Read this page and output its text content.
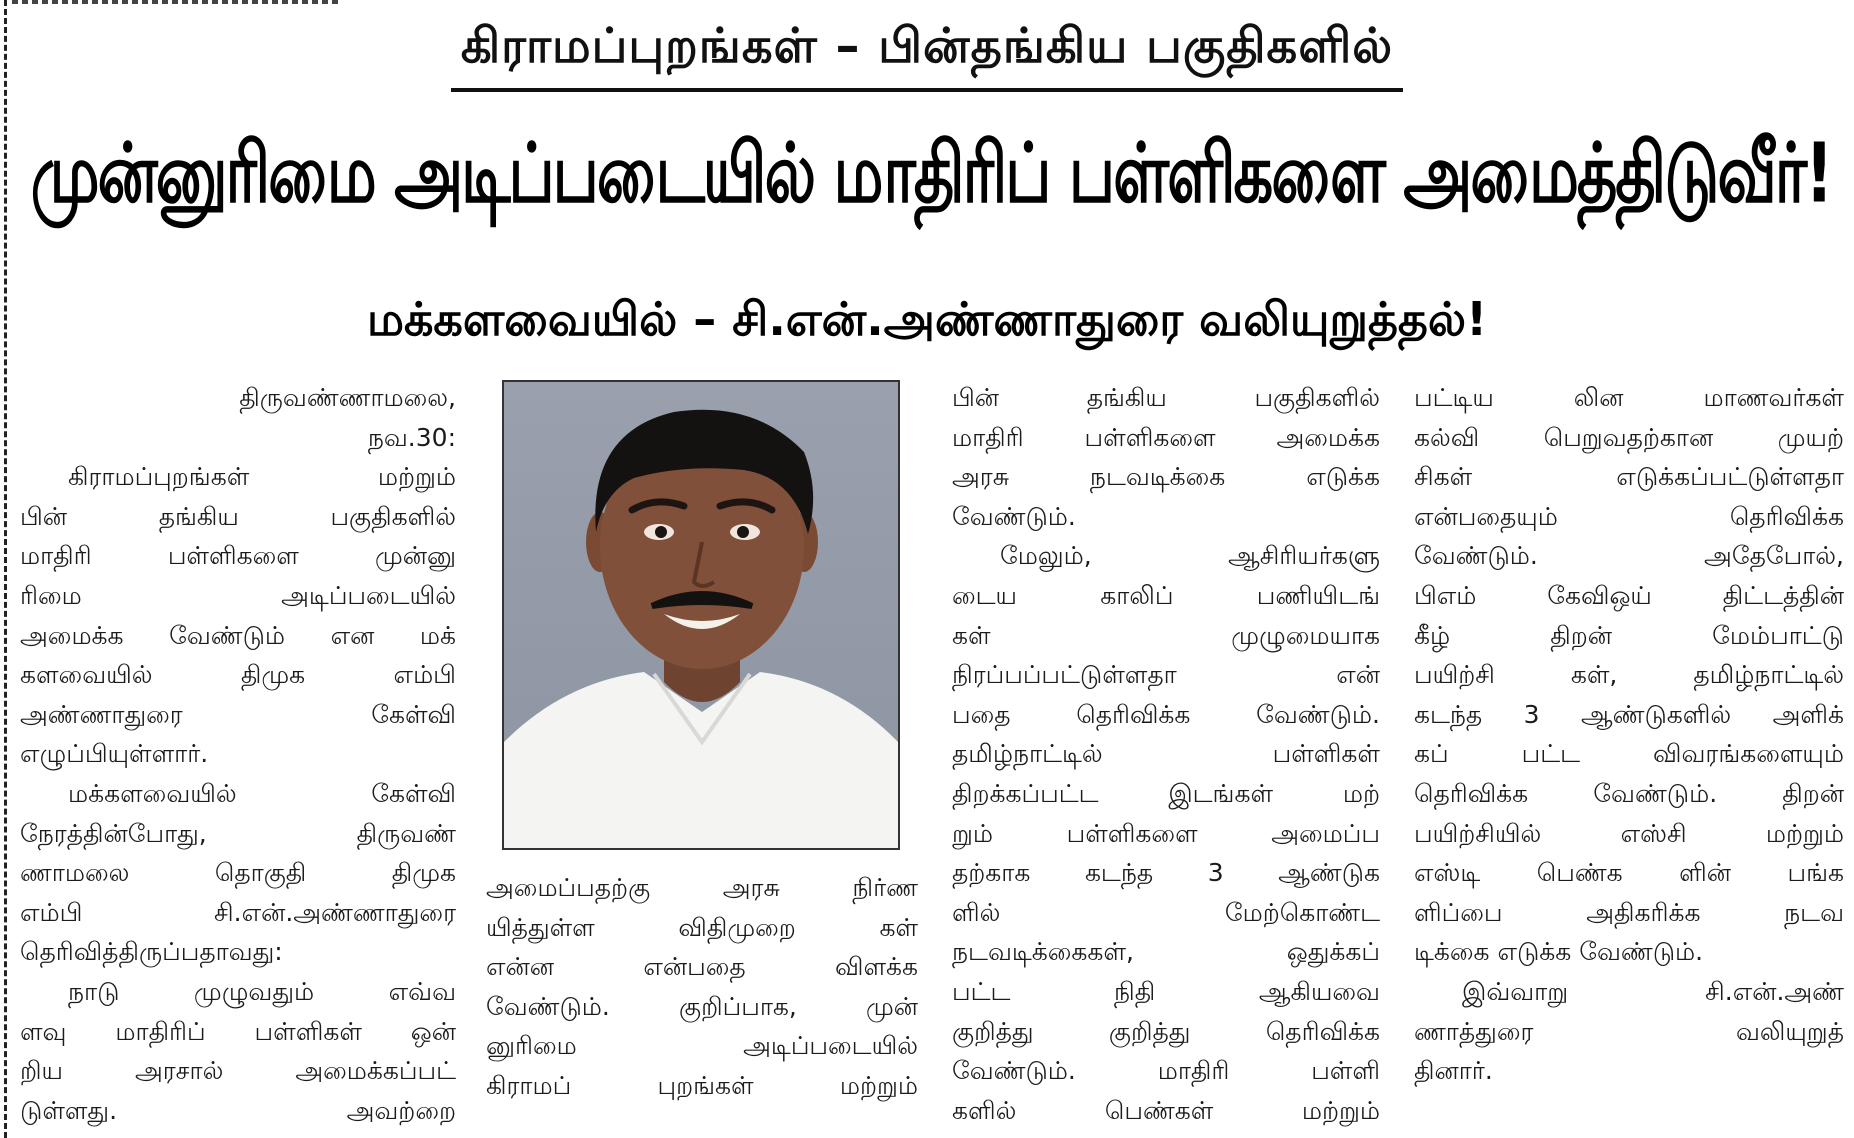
கிராமப்புறங்கள் – பின்தங்கிய பகுதிகளில்
முன்னுரிமை அடிப்படையில் மாதிரிப் பள்ளிகளை அமைத்திடுவீர்!
மக்களவையில் – சி.என்.அண்ணாதுரை வலியுறுத்தல்!

திருவண்ணாமலை,

நவ.30:

கிராமப்புறங்கள் மற்றும்

பின் தங்கிய பகுதிகளில்

மாதிரி பள்ளிகளை முன்னு

ரிமை அடிப்படையில்

அமைக்க வேண்டும் என மக்

களவையில் திமுக எம்பி

அண்ணாதுரை கேள்வி

எழுப்பியுள்ளார்.

மக்களவையில் கேள்வி

நேரத்தின்போது, திருவண்

ணாமலை தொகுதி திமுக

எம்பி சி.என்.அண்ணாதுரை

தெரிவித்திருப்பதாவது:

நாடு முழுவதும் எவ்வ

ளவு மாதிரிப் பள்ளிகள் ஒன்

றிய அரசால் அமைக்கப்பட்

டுள்ளது. அவற்றை

அமைப்பதற்கு அரசு நிர்ண

யித்துள்ள விதிமுறை கள்

என்ன என்பதை விளக்க

வேண்டும். குறிப்பாக, முன்

னுரிமை அடிப்படையில்

கிராமப் புறங்கள் மற்றும்

பின் தங்கிய பகுதிகளில்

மாதிரி பள்ளிகளை அமைக்க

அரசு நடவடிக்கை எடுக்க

வேண்டும்.

மேலும், ஆசிரியர்களு

டைய காலிப் பணியிடங்

கள் முழுமையாக

நிரப்பப்பட்டுள்ளதா என்

பதை தெரிவிக்க வேண்டும்.

தமிழ்நாட்டில் பள்ளிகள்

திறக்கப்பட்ட இடங்கள் மற்

றும் பள்ளிகளை அமைப்ப

தற்காக கடந்த 3 ஆண்டுக

ளில் மேற்கொண்ட

நடவடிக்கைகள், ஒதுக்கப்

பட்ட நிதி ஆகியவை

குறித்து குறித்து தெரிவிக்க

வேண்டும். மாதிரி பள்ளி

களில் பெண்கள் மற்றும்

பட்டிய லின மாணவர்கள்

கல்வி பெறுவதற்கான முயற்

சிகள் எடுக்கப்பட்டுள்ளதா

என்பதையும் தெரிவிக்க

வேண்டும். அதேபோல்,

பிஎம் கேவிஒய் திட்டத்தின்

கீழ் திறன் மேம்பாட்டு

பயிற்சி கள், தமிழ்நாட்டில்

கடந்த 3 ஆண்டுகளில் அளிக்

கப் பட்ட விவரங்களையும்

தெரிவிக்க வேண்டும். திறன்

பயிற்சியில் எஸ்சி மற்றும்

எஸ்டி பெண்க ளின் பங்க

ளிப்பை அதிகரிக்க நடவ

டிக்கை எடுக்க வேண்டும்.

இவ்வாறு சி.என்.அண்

ணாத்துரை வலியுறுத்

தினார்.
